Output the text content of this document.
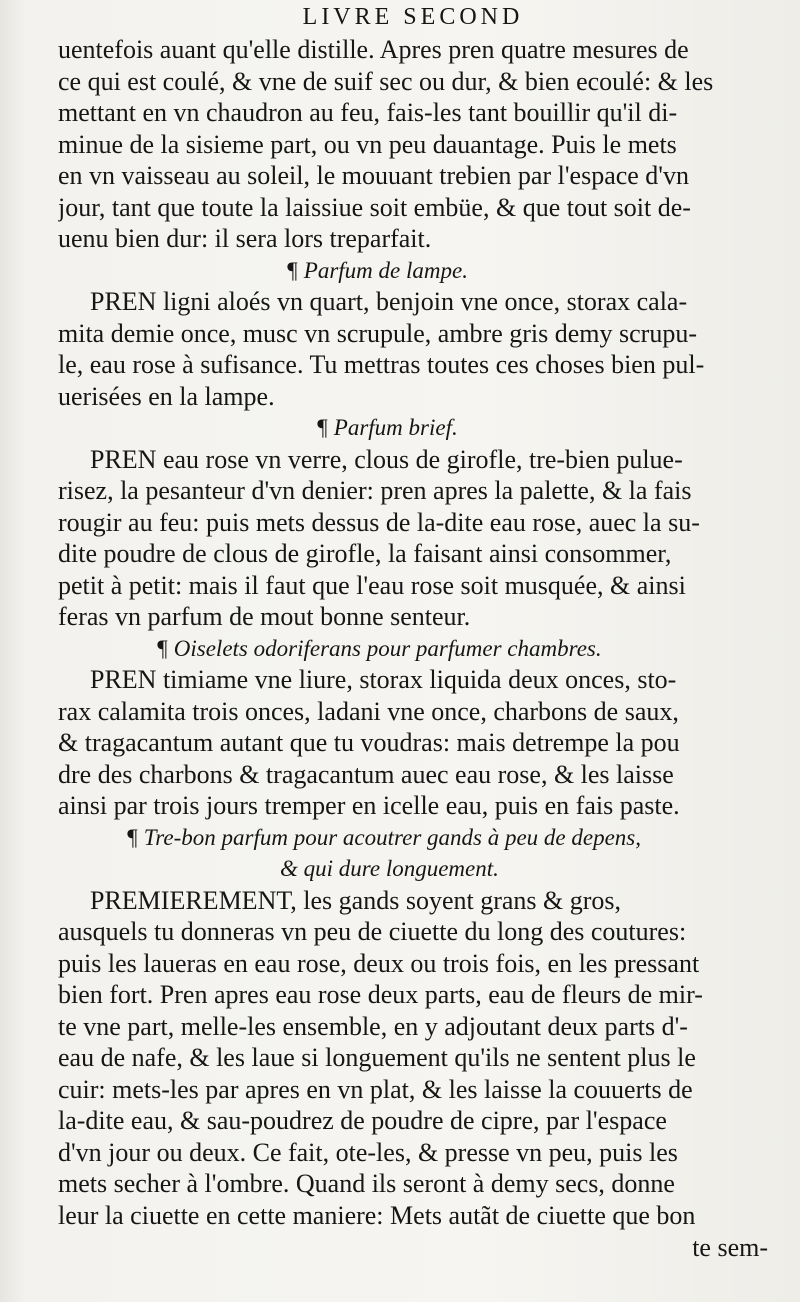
LIVRE SECOND
uentefois auant qu'elle distille. Apres pren quatre mesures de
ce qui est coulé, & vne de suif sec ou dur, & bien ecoulé: & les
mettant en vn chaudron au feu, fais-les tant bouillir qu'il di-
minue de la sisieme part, ou vn peu dauantage. Puis le mets
en vn vaisseau au soleil, le mouuant trebien par l'espace d'vn
jour, tant que toute la laissiue soit embüe, & que tout soit de-
uenu bien dur: il sera lors treparfait.
¶ Parfum de lampe.
PREN ligni aloés vn quart, benjoin vne once, storax cala-
mita demie once, musc vn scrupule, ambre gris demy scrupu-
le, eau rose à sufisance. Tu mettras toutes ces choses bien pul-
uerisées en la lampe.
¶ Parfum brief.
PREN eau rose vn verre, clous de girofle, tre-bien pulue-
risez, la pesanteur d'vn denier: pren apres la palette, & la fais
rougir au feu: puis mets dessus de la-dite eau rose, auec la su-
dite poudre de clous de girofle, la faisant ainsi consommer,
petit à petit: mais il faut que l'eau rose soit musquée, & ainsi
feras vn parfum de mout bonne senteur.
¶ Oiselets odoriferans pour parfumer chambres.
PREN timiame vne liure, storax liquida deux onces, sto-
rax calamita trois onces, ladani vne once, charbons de saux,
& tragacantum autant que tu voudras: mais detrempe la pou
dre des charbons & tragacantum auec eau rose, & les laisse
ainsi par trois jours tremper en icelle eau, puis en fais paste.
¶ Tre-bon parfum pour acoutrer gands à peu de depens,
& qui dure longuement.
PREMIEREMENT, les gands soyent grans & gros,
ausquels tu donneras vn peu de ciuette du long des coutures:
puis les laueras en eau rose, deux ou trois fois, en les pressant
bien fort. Pren apres eau rose deux parts, eau de fleurs de mir-
te vne part, melle-les ensemble, en y adjoutant deux parts d'-
eau de nafe, & les laue si longuement qu'ils ne sentent plus le
cuir: mets-les par apres en vn plat, & les laisse la couuerts de
la-dite eau, & sau-poudrez de poudre de cipre, par l'espace
d'vn jour ou deux. Ce fait, ote-les, & presse vn peu, puis les
mets secher à l'ombre. Quand ils seront à demy secs, donne
leur la ciuette en cette maniere: Mets autãt de ciuette que bon
te sem-
